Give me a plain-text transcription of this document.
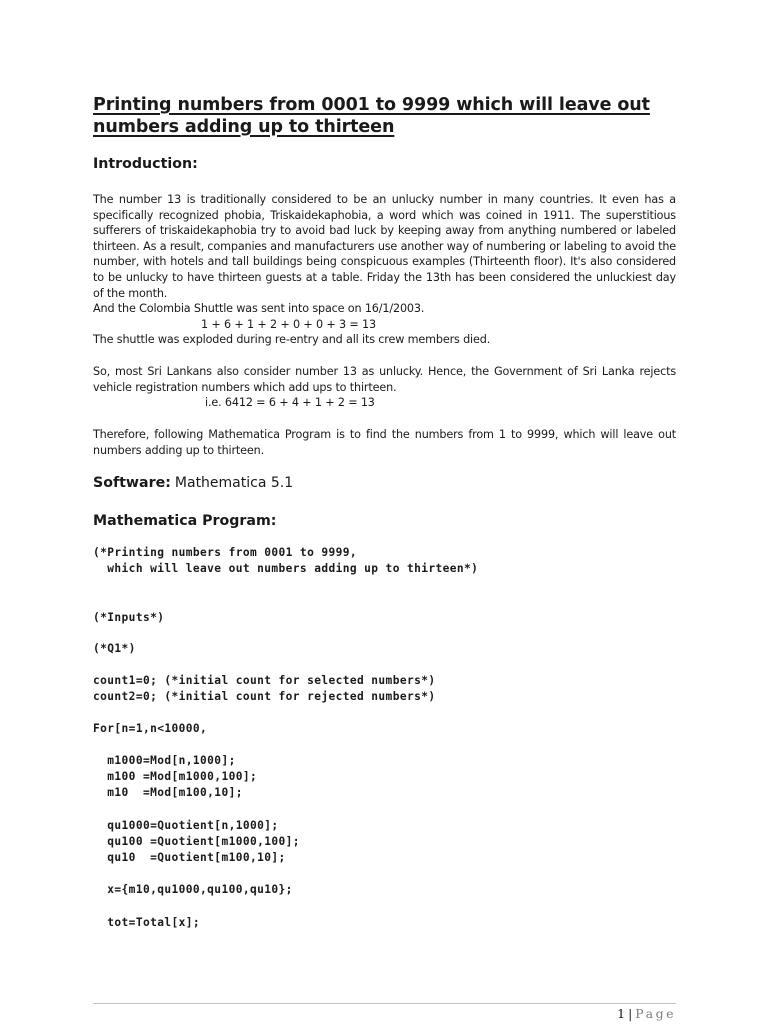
Printing numbers from 0001 to 9999 which will leave out numbers adding up to thirteen
Introduction:

The number 13 is traditionally considered to be an unlucky number in many countries. It even has a specifically recognized phobia, Triskaidekaphobia, a word which was coined in 1911. The superstitious sufferers of triskaidekaphobia try to avoid bad luck by keeping away from anything numbered or labeled thirteen. As a result, companies and manufacturers use another way of numbering or labeling to avoid the number, with hotels and tall buildings being conspicuous examples (Thirteenth floor). It's also considered to be unlucky to have thirteen guests at a table. Friday the 13th has been considered the unluckiest day of the month.

And the Colombia Shuttle was sent into space on 16/1/2003.

1 + 6 + 1 + 2 + 0 + 0 + 3 = 13

The shuttle was exploded during re-entry and all its crew members died.

So, most Sri Lankans also consider number 13 as unlucky. Hence, the Government of Sri Lanka rejects vehicle registration numbers which add ups to thirteen.

i.e. 6412 = 6 + 4 + 1 + 2 = 13

Therefore, following Mathematica Program is to find the numbers from 1 to 9999, which will leave out numbers adding up to thirteen.

Software: Mathematica 5.1
Mathematica Program:
(*Printing numbers from 0001 to 9999,
which will leave out numbers adding up to thirteen*)
(*Inputs*)
(*Q1*)
count1=0; (*initial count for selected numbers*)
count2=0; (*initial count for rejected numbers*)
For[n=1,n<10000,
m1000=Mod[n,1000];
m100 =Mod[m1000,100];
m10  =Mod[m100,10];
qu1000=Quotient[n,1000];
qu100 =Quotient[m1000,100];
qu10  =Quotient[m100,10];
x={m10,qu1000,qu100,qu10};
tot=Total[x];
1 | Page
